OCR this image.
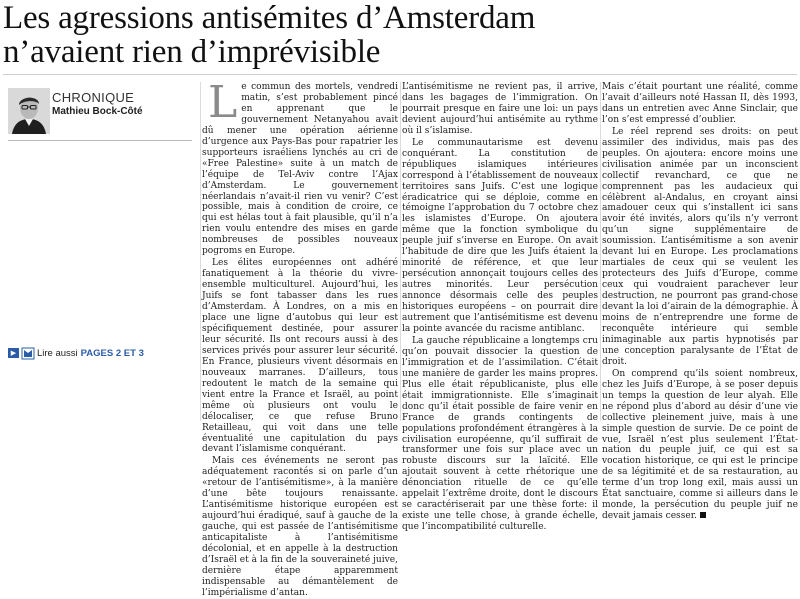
Les agressions antisémites d’Amsterdam
n’avaient rien d’imprévisible
CHRONIQUE
Mathieu Bock-Côté
▶ Lire aussi PAGES 2 ET 3

Le commun des mortels, vendredi matin, s’est probablement pincé en apprenant que le gouvernement Netanyahou avait dû mener une opération aérienne d’urgence aux Pays-Bas pour rapatrier les supporteurs israéliens lynchés au cri de «Free Palestine» suite à un match de l’équipe de Tel-Aviv contre l’Ajax d’Amsterdam. Le gouvernement néerlandais n’avait-il rien vu venir? C’est possible, mais à condition de croire, ce qui est hélas tout à fait plausible, qu’il n’a rien voulu entendre des mises en garde nombreuses de possibles nouveaux pogroms en Europe.

Les élites européennes ont adhéré fanatiquement à la théorie du vivre-ensemble multiculturel. Aujourd’hui, les Juifs se font tabasser dans les rues d’Amsterdam. À Londres, on a mis en place une ligne d’autobus qui leur est spécifiquement destinée, pour assurer leur sécurité. Ils ont recours aussi à des services privés pour assurer leur sécurité. En France, plusieurs vivent désormais en nouveaux marranes. D’ailleurs, tous redoutent le match de la semaine qui vient entre la France et Israël, au point même où plusieurs ont voulu le délocaliser, ce que refuse Bruno Retailleau, qui voit dans une telle éventualité une capitulation du pays devant l’islamisme conquérant.

Mais ces événements ne seront pas adéquatement racontés si on parle d’un «retour de l’antisémitisme», à la manière d’une bête toujours renaissante. L’antisémitisme historique européen est aujourd’hui éradiqué, sauf à gauche de la gauche, qui est passée de l’antisémitisme anticapitaliste à l’antisémitisme décolonial, et en appelle à la destruction d’Israël et à la fin de la souveraineté juive, dernière étape apparemment indispensable au démantèlement de l’impérialisme d’antan.

L’antisémitisme ne revient pas, il arrive, dans les bagages de l’immigration. On pourrait presque en faire une loi: un pays devient aujourd’hui antisémite au rythme où il s’islamise.

Le communautarisme est devenu conquérant. La constitution de républiques islamiques intérieures correspond à l’établissement de nouveaux territoires sans Juifs. C’est une logique éradicatrice qui se déploie, comme en témoigne l’approbation du 7 octobre chez les islamistes d’Europe. On ajoutera même que la fonction symbolique du peuple juif s’inverse en Europe. On avait l’habitude de dire que les Juifs étaient la minorité de référence, et que leur persécution annonçait toujours celles des autres minorités. Leur persécution annonce désormais celle des peuples historiques européens – on pourrait dire autrement que l’antisémitisme est devenu la pointe avancée du racisme antiblanc.

La gauche républicaine a longtemps cru qu’on pouvait dissocier la question de l’immigration et de l’assimilation. C’était une manière de garder les mains propres. Plus elle était républicaniste, plus elle était immigrationniste. Elle s’imaginait donc qu’il était possible de faire venir en France de grands contingents de populations profondément étrangères à la civilisation européenne, qu’il suffirait de transformer une fois sur place avec un robuste discours sur la laïcité. Elle ajoutait souvent à cette rhétorique une dénonciation rituelle de ce qu’elle appelait l’extrême droite, dont le discours se caractériserait par une thèse forte: il existe une telle chose, à grande échelle, que l’incompatibilité culturelle.

Mais c’était pourtant une réalité, comme l’avait d’ailleurs noté Hassan II, dès 1993, dans un entretien avec Anne Sinclair, que l’on s’est empressé d’oublier.

Le réel reprend ses droits: on peut assimiler des individus, mais pas des peuples. On ajoutera: encore moins une civilisation animée par un inconscient collectif revanchard, ce que ne comprennent pas les audacieux qui célèbrent al-Andalus, en croyant ainsi amadouer ceux qui s’installent ici sans avoir été invités, alors qu’ils n’y verront qu’un signe supplémentaire de soumission. L’antisémitisme a son avenir devant lui en Europe. Les proclamations martiales de ceux qui se veulent les protecteurs des Juifs d’Europe, comme ceux qui voudraient parachever leur destruction, ne pourront pas grand-chose devant la loi d’airain de la démographie. À moins de n’entreprendre une forme de reconquête intérieure qui semble inimaginable aux partis hypnotisés par une conception paralysante de l’État de droit.

On comprend qu’ils soient nombreux, chez les Juifs d’Europe, à se poser depuis un temps la question de leur alyah. Elle ne répond plus d’abord au désir d’une vie collective pleinement juive, mais à une simple question de survie. De ce point de vue, Israël n’est plus seulement l’État-nation du peuple juif, ce qui est sa vocation historique, ce qui est le principe de sa légitimité et de sa restauration, au terme d’un trop long exil, mais aussi un État sanctuaire, comme si ailleurs dans le monde, la persécution du peuple juif ne devait jamais cesser.
